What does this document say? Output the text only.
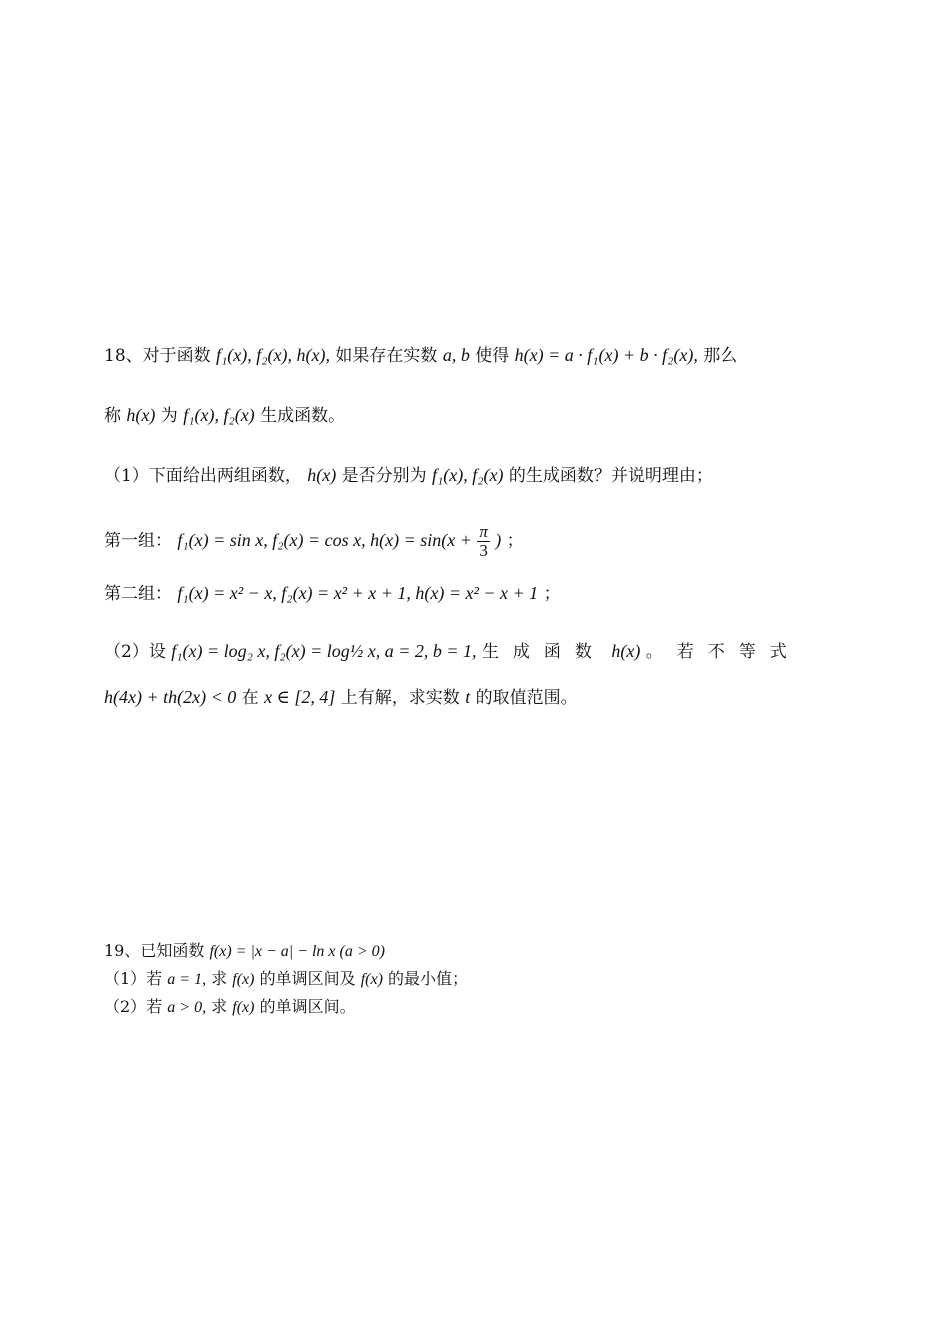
18、对于函数 f₁(x), f₂(x), h(x), 如果存在实数 a, b 使得 h(x) = a · f₁(x) + b · f₂(x), 那么
称 h(x) 为 f₁(x), f₂(x) 生成函数。
（1）下面给出两组函数， h(x) 是否分别为 f₁(x), f₂(x) 的生成函数？并说明理由；
第一组： f₁(x) = sin x, f₂(x) = cos x, $h(x) = \sin(x + \frac{\pi}{3}$ ) ；
第二组： f₁(x) = x² − x, f₂(x) = x² + x + 1, h(x) = x² − x + 1 ；
（2）设 f₁(x) = log₂ x, f₂(x) = log½ x, a = 2, b = 1, 生成函数 h(x) 。若不等式
h(4x) + th(2x) < 0 在 x ∈ [2, 4] 上有解，求实数 t 的取值范围。
19、已知函数 f(x) = |x − a| − ln x (a > 0)
（1）若 a = 1, 求 f(x) 的单调区间及 f(x) 的最小值；
（2）若 a > 0, 求 f(x) 的单调区间。
